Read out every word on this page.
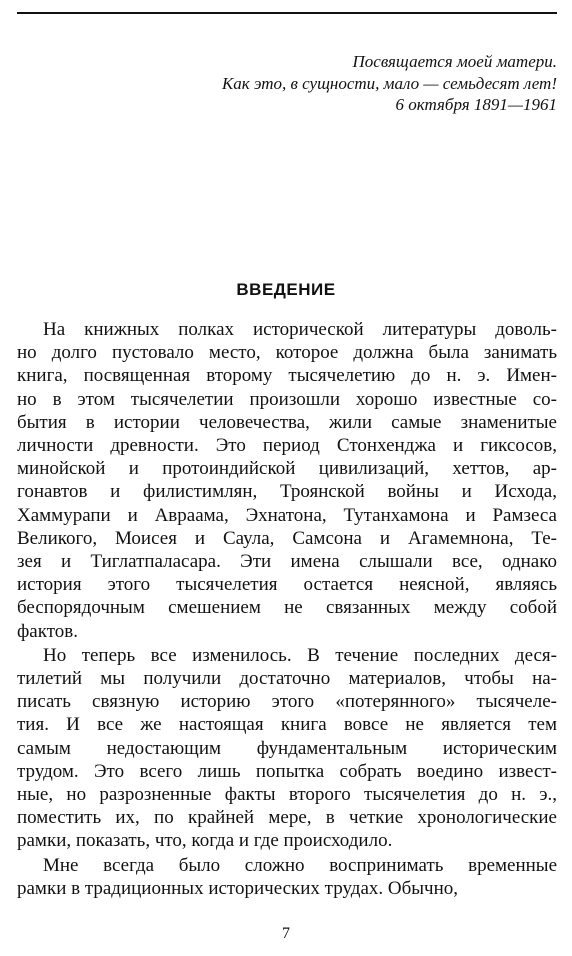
Посвящается моей матери.
Как это, в сущности, мало — семьдесят лет!
6 октября 1891—1961
ВВЕДЕНИЕ

На книжных полках исторической литературы доволь-
но долго пустовало место, которое должна была занимать
книга, посвященная второму тысячелетию до н. э. Имен-
но в этом тысячелетии произошли хорошо известные со-
бытия в истории человечества, жили самые знаменитые
личности древности. Это период Стонхенджа и гиксосов,
минойской и протоиндийской цивилизаций, хеттов, ар-
гонавтов и филистимлян, Троянской войны и Исхода,
Хаммурапи и Авраама, Эхнатона, Тутанхамона и Рамзеса
Великого, Моисея и Саула, Самсона и Агамемнона, Те-
зея и Тиглатпаласара. Эти имена слышали все, однако
история этого тысячелетия остается неясной, являясь
беспорядочным смешением не связанных между собой
фактов.

Но теперь все изменилось. В течение последних деся-
тилетий мы получили достаточно материалов, чтобы на-
писать связную историю этого «потерянного» тысячеле-
тия. И все же настоящая книга вовсе не является тем
самым недостающим фундаментальным историческим
трудом. Это всего лишь попытка собрать воедино извест-
ные, но разрозненные факты второго тысячелетия до н. э.,
поместить их, по крайней мере, в четкие хронологические
рамки, показать, что, когда и где происходило.

Мне всегда было сложно воспринимать временные
рамки в традиционных исторических трудах. Обычно,

7
